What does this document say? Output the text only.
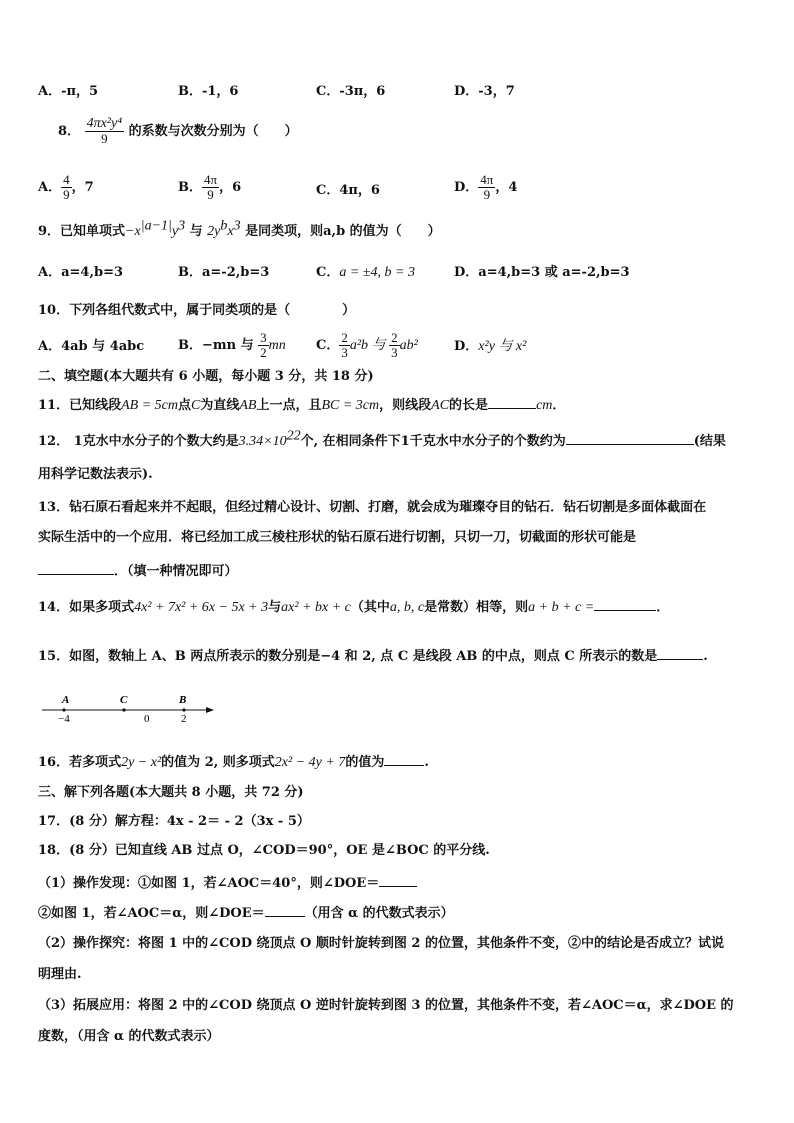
A．-π，5	B．-1，6	C．-3π，6	D．-3，7
8． $\frac{\text{4πx²y⁴}}{9}$ 的系数与次数分别为（　　）
A． $\frac{4}{9}$ ，7	B． $\frac{4\pi}{9}$ ，6	C．4π，6	D． $\frac{4\pi}{9}$ ，4
9．已知单项式$-x^{|a-1|}y^3$ 与 $2y^bx^3$ 是同类项，则a,b 的值为（　　）
A．a=4,b=3	B．a=-2,b=3	C．a = ±4, b = 3	D．a=4,b=3 或 a=-2,b=3
10．下列各组代数式中，属于同类项的是（　　　　）
A．4ab 与 4abc	B．−mn 与 $\frac{3}{2}$ mn C． $\frac{2}{3} a^2b$ 与 $\frac{2}{3} ab^2$	D．x²y 与 x²
二、填空题(本大题共有 6 小题，每小题 3 分，共 18 分)
11．已知线段AB = 5cm点C为直线AB上一点，且BC = 3cm，则线段AC的长是	cm．
12． 1克水中水分子的个数大约是$3.34\times 10^{22}$个, 在相同条件下1千克水中水分子的个数约为	(结果
用科学记数法表示).
13．钻石原石看起来并不起眼，但经过精心设计、切割、打磨，就会成为璀璨夺目的钻石．钻石切割是多面体截面在
实际生活中的一个应用．将已经加工成三棱柱形状的钻石原石进行切割，只切一刀，切截面的形状可能是
．（填一种情况即可）
14．如果多项式4x² + 7x² + 6x − 5x + 3与ax² + bx + c（其中a, b, c是常数）相等，则a + b + c =	．
15．如图，数轴上 A、B 两点所表示的数分别是−4 和 2, 点 C 是线段 AB 的中点，则点 C 所表示的数是	.
A	C	B
−4	0	2
16．若多项式2y − x²的值为 2, 则多项式2x² − 4y + 7的值为	.
三、解下列各题(本大题共 8 小题，共 72 分)
17．(8 分）解方程：4x - 2＝ - 2（3x - 5）
18．(8 分）已知直线 AB 过点 O，∠COD＝90°，OE 是∠BOC 的平分线.
（1）操作发现：①如图 1，若∠AOC＝40°，则∠DOE＝
②如图 1，若∠AOC＝α，则∠DOE＝	（用含 α 的代数式表示）
（2）操作探究：将图 1 中的∠COD 绕顶点 O 顺时针旋转到图 2 的位置，其他条件不变，②中的结论是否成立？试说
明理由.
（3）拓展应用：将图 2 中的∠COD 绕顶点 O 逆时针旋转到图 3 的位置，其他条件不变，若∠AOC＝α，求∠DOE 的
度数，（用含 α 的代数式表示）
